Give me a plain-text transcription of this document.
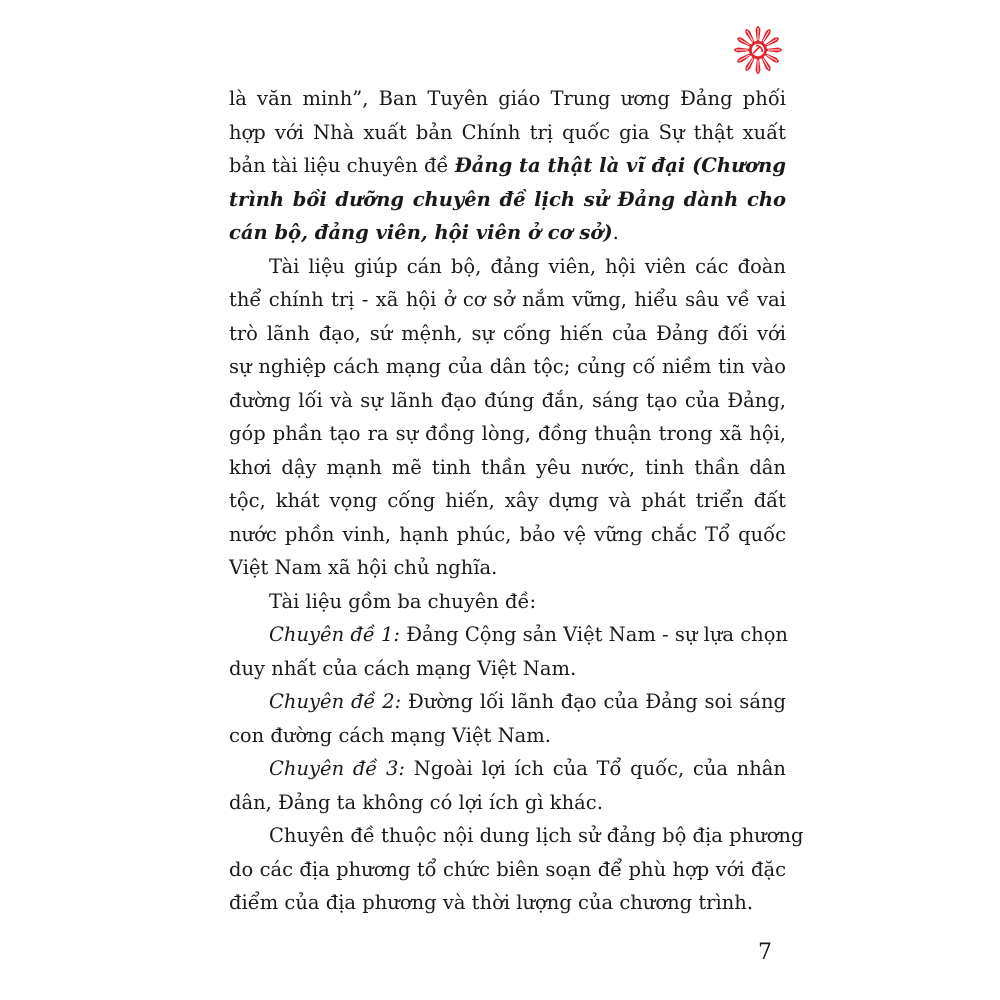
là văn minh”, Ban Tuyên giáo Trung ương Đảng phối
hợp với Nhà xuất bản Chính trị quốc gia Sự thật xuất
bản tài liệu chuyên đề Đảng ta thật là vĩ đại (Chương
trình bồi dưỡng chuyên đề lịch sử Đảng dành cho
cán bộ, đảng viên, hội viên ở cơ sở).
Tài liệu giúp cán bộ, đảng viên, hội viên các đoàn
thể chính trị - xã hội ở cơ sở nắm vững, hiểu sâu về vai
trò lãnh đạo, sứ mệnh, sự cống hiến của Đảng đối với
sự nghiệp cách mạng của dân tộc; củng cố niềm tin vào
đường lối và sự lãnh đạo đúng đắn, sáng tạo của Đảng,
góp phần tạo ra sự đồng lòng, đồng thuận trong xã hội,
khơi dậy mạnh mẽ tinh thần yêu nước, tinh thần dân
tộc, khát vọng cống hiến, xây dựng và phát triển đất
nước phồn vinh, hạnh phúc, bảo vệ vững chắc Tổ quốc
Việt Nam xã hội chủ nghĩa.
Tài liệu gồm ba chuyên đề:
Chuyên đề 1: Đảng Cộng sản Việt Nam - sự lựa chọn
duy nhất của cách mạng Việt Nam.
Chuyên đề 2: Đường lối lãnh đạo của Đảng soi sáng
con đường cách mạng Việt Nam.
Chuyên đề 3: Ngoài lợi ích của Tổ quốc, của nhân
dân, Đảng ta không có lợi ích gì khác.
Chuyên đề thuộc nội dung lịch sử đảng bộ địa phương
do các địa phương tổ chức biên soạn để phù hợp với đặc
điểm của địa phương và thời lượng của chương trình.
7
